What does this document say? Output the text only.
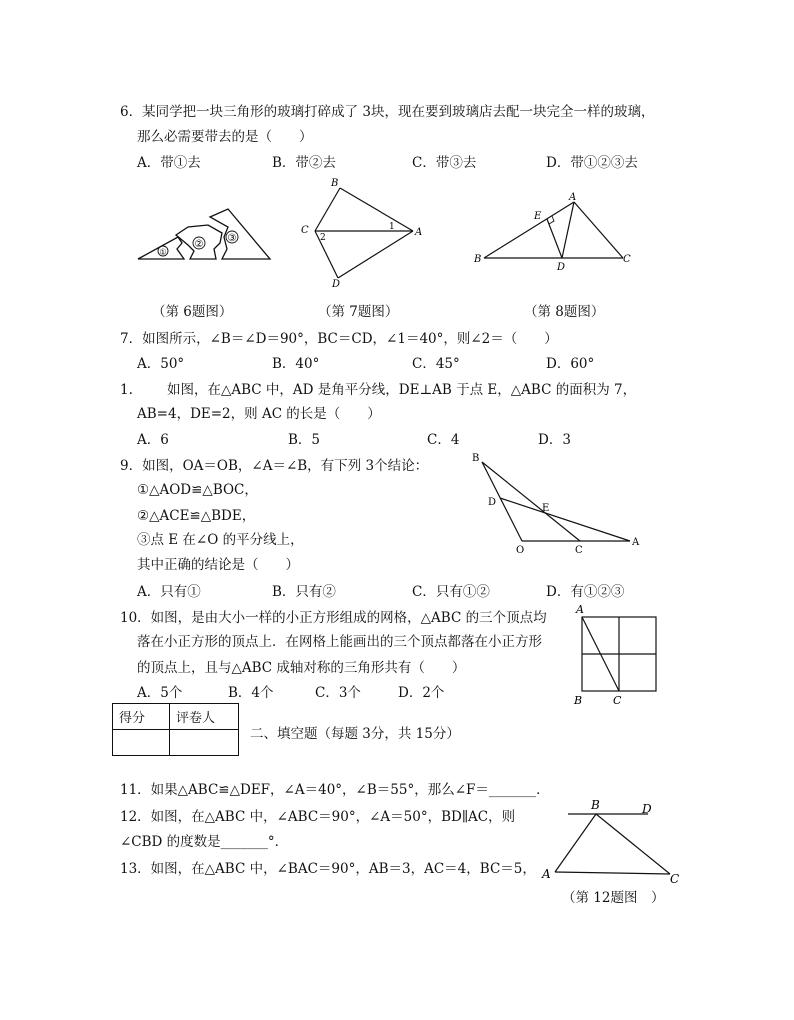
6．某同学把一块三角形的玻璃打碎成了 3块，现在要到玻璃店去配一块完全一样的玻璃，
那么必需要带去的是（　　）
A．带①去	B．带②去	C．带③去	D．带①②③去
①
②
③
B
C	A
D
1
2
A
E
B
D
C
（第 6题图）	（第 7题图）	（第 8题图）
7．如图所示，∠B＝∠D＝90°，BC＝CD，∠1＝40°，则∠2＝（　　）
A．50°	B．40°	C．45°	D．60°
1.	如图，在△ABC 中，AD 是角平分线，DE⊥AB 于点 E，△ABC 的面积为 7，
AB=4，DE=2，则 AC 的长是（　　）
A．6	B．5	C．4	D．3
9．如图，OA＝OB，∠A＝∠B，有下列 3个结论：
①△AOD≌△BOC，
②△ACE≌△BDE，
③点 E 在∠O 的平分线上，
其中正确的结论是（　　）
A．只有①	B．只有②	C．只有①②	D．有①②③
B
D
E
O	C
A
10．如图，是由大小一样的小正方形组成的网格，△ABC 的三个顶点均
落在小正方形的顶点上．在网格上能画出的三个顶点都落在小正方形
的顶点上，且与△ABC 成轴对称的三角形共有（　　）
A．5个	B．4个	C．3个	D．2个
A
B	C
得分	评卷人

二、填空题（每题 3分，共 15分）
11．如果△ABC≌△DEF，∠A＝40°，∠B＝55°，那么∠F＝_______．
12．如图，在△ABC 中，∠ABC＝90°，∠A＝50°，BD∥AC，则
∠CBD 的度数是_______°．
13．如图，在△ABC 中，∠BAC＝90°，AB＝3，AC＝4，BC＝5，
B	D
A	C
（第 12题图　）
